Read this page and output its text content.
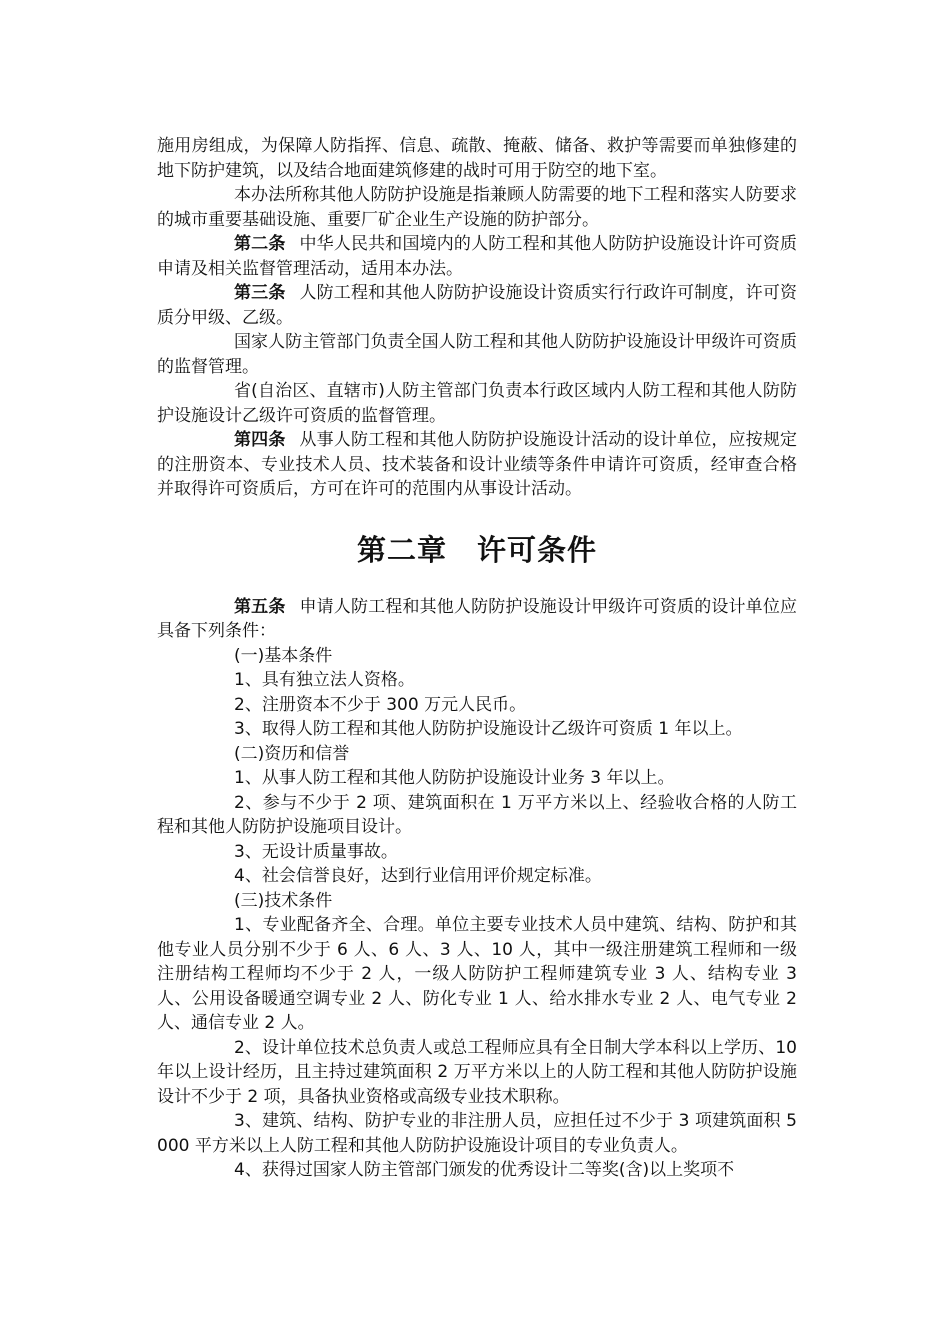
施用房组成，为保障人防指挥、信息、疏散、掩蔽、储备、救护等需要而单独修建的地下防护建筑，以及结合地面建筑修建的战时可用于防空的地下室。

本办法所称其他人防防护设施是指兼顾人防需要的地下工程和落实人防要求的城市重要基础设施、重要厂矿企业生产设施的防护部分。

第二条 中华人民共和国境内的人防工程和其他人防防护设施设计许可资质申请及相关监督管理活动，适用本办法。

第三条 人防工程和其他人防防护设施设计资质实行行政许可制度，许可资质分甲级、乙级。

国家人防主管部门负责全国人防工程和其他人防防护设施设计甲级许可资质的监督管理。

省(自治区、直辖市)人防主管部门负责本行政区域内人防工程和其他人防防护设施设计乙级许可资质的监督管理。

第四条 从事人防工程和其他人防防护设施设计活动的设计单位，应按规定的注册资本、专业技术人员、技术装备和设计业绩等条件申请许可资质，经审查合格并取得许可资质后，方可在许可的范围内从事设计活动。

第二章 许可条件

第五条 申请人防工程和其他人防防护设施设计甲级许可资质的设计单位应具备下列条件：

(一)基本条件

1、具有独立法人资格。

2、注册资本不少于 300 万元人民币。

3、取得人防工程和其他人防防护设施设计乙级许可资质 1 年以上。

(二)资历和信誉

1、从事人防工程和其他人防防护设施设计业务 3 年以上。

2、参与不少于 2 项、建筑面积在 1 万平方米以上、经验收合格的人防工程和其他人防防护设施项目设计。

3、无设计质量事故。

4、社会信誉良好，达到行业信用评价规定标准。

(三)技术条件

1、专业配备齐全、合理。单位主要专业技术人员中建筑、结构、防护和其他专业人员分别不少于 6 人、6 人、3 人、10 人，其中一级注册建筑工程师和一级注册结构工程师均不少于 2 人，一级人防防护工程师建筑专业 3 人、结构专业 3 人、公用设备暖通空调专业 2 人、防化专业 1 人、给水排水专业 2 人、电气专业 2 人、通信专业 2 人。

2、设计单位技术总负责人或总工程师应具有全日制大学本科以上学历、10 年以上设计经历，且主持过建筑面积 2 万平方米以上的人防工程和其他人防防护设施设计不少于 2 项，具备执业资格或高级专业技术职称。

3、建筑、结构、防护专业的非注册人员，应担任过不少于 3 项建筑面积 5000 平方米以上人防工程和其他人防防护设施设计项目的专业负责人。

4、获得过国家人防主管部门颁发的优秀设计二等奖(含)以上奖项不
